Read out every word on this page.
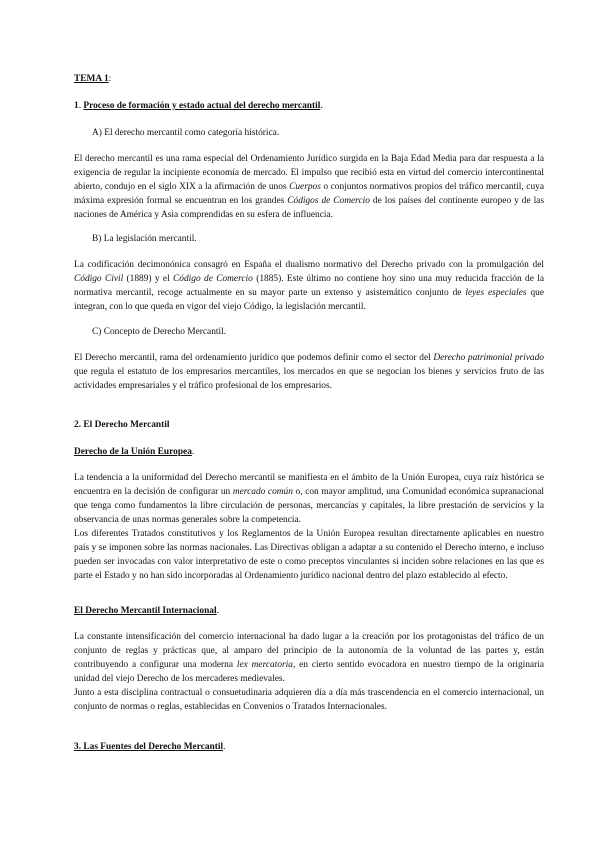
TEMA 1:
1. Proceso de formación y estado actual del derecho mercantil.
A) El derecho mercantil como categoría histórica.

El derecho mercantil es una rama especial del Ordenamiento Jurídico surgida en la Baja Edad Media para dar respuesta a la exigencia de regular la incipiente economía de mercado. El impulso que recibió esta en virtud del comercio intercontinental abierto, condujo en el siglo XIX a la afirmación de unos Cuerpos o conjuntos normativos propios del tráfico mercantil, cuya máxima expresión formal se encuentran en los grandes Códigos de Comercio de los países del continente europeo y de las naciones de América y Asia comprendidas en su esfera de influencia.

B) La legislación mercantil.

La codificación decimonónica consagró en España el dualismo normativo del Derecho privado con la promulgación del Código Civil (1889) y el Código de Comercio (1885). Este último no contiene hoy sino una muy reducida fracción de la normativa mercantil, recoge actualmente en su mayor parte un extenso y asistemático conjunto de leyes especiales que integran, con lo que queda en vigor del viejo Código, la legislación mercantil.

C) Concepto de Derecho Mercantil.

El Derecho mercantil, rama del ordenamiento jurídico que podemos definir como el sector del Derecho patrimonial privado que regula el estatuto de los empresarios mercantiles, los mercados en que se negocian los bienes y servicios fruto de las actividades empresariales y el tráfico profesional de los empresarios.

2. El Derecho Mercantil
Derecho de la Unión Europea.

La tendencia a la uniformidad del Derecho mercantil se manifiesta en el ámbito de la Unión Europea, cuya raíz histórica se encuentra en la decisión de configurar un mercado común o, con mayor amplitud, una Comunidad económica supranacional que tenga como fundamentos la libre circulación de personas, mercancías y capitales, la libre prestación de servicios y la observancia de unas normas generales sobre la competencia.

Los diferentes Tratados constitutivos y los Reglamentos de la Unión Europea resultan directamente aplicables en nuestro país y se imponen sobre las normas nacionales. Las Directivas obligan a adaptar a su contenido el Derecho interno, e incluso pueden ser invocadas con valor interpretativo de este o como preceptos vinculantes si inciden sobre relaciones en las que es parte el Estado y no han sido incorporadas al Ordenamiento jurídico nacional dentro del plazo establecido al efecto.

El Derecho Mercantil Internacional.

La constante intensificación del comercio internacional ha dado lugar a la creación por los protagonistas del tráfico de un conjunto de reglas y prácticas que, al amparo del principio de la autonomía de la voluntad de las partes y, están contribuyendo a configurar una moderna lex mercatoria, en cierto sentido evocadora en nuestro tiempo de la originaria unidad del viejo Derecho de los mercaderes medievales.

Junto a esta disciplina contractual o consuetudinaria adquieren día a día más trascendencia en el comercio internacional, un conjunto de normas o reglas, establecidas en Convenios o Tratados Internacionales.

3. Las Fuentes del Derecho Mercantil.
